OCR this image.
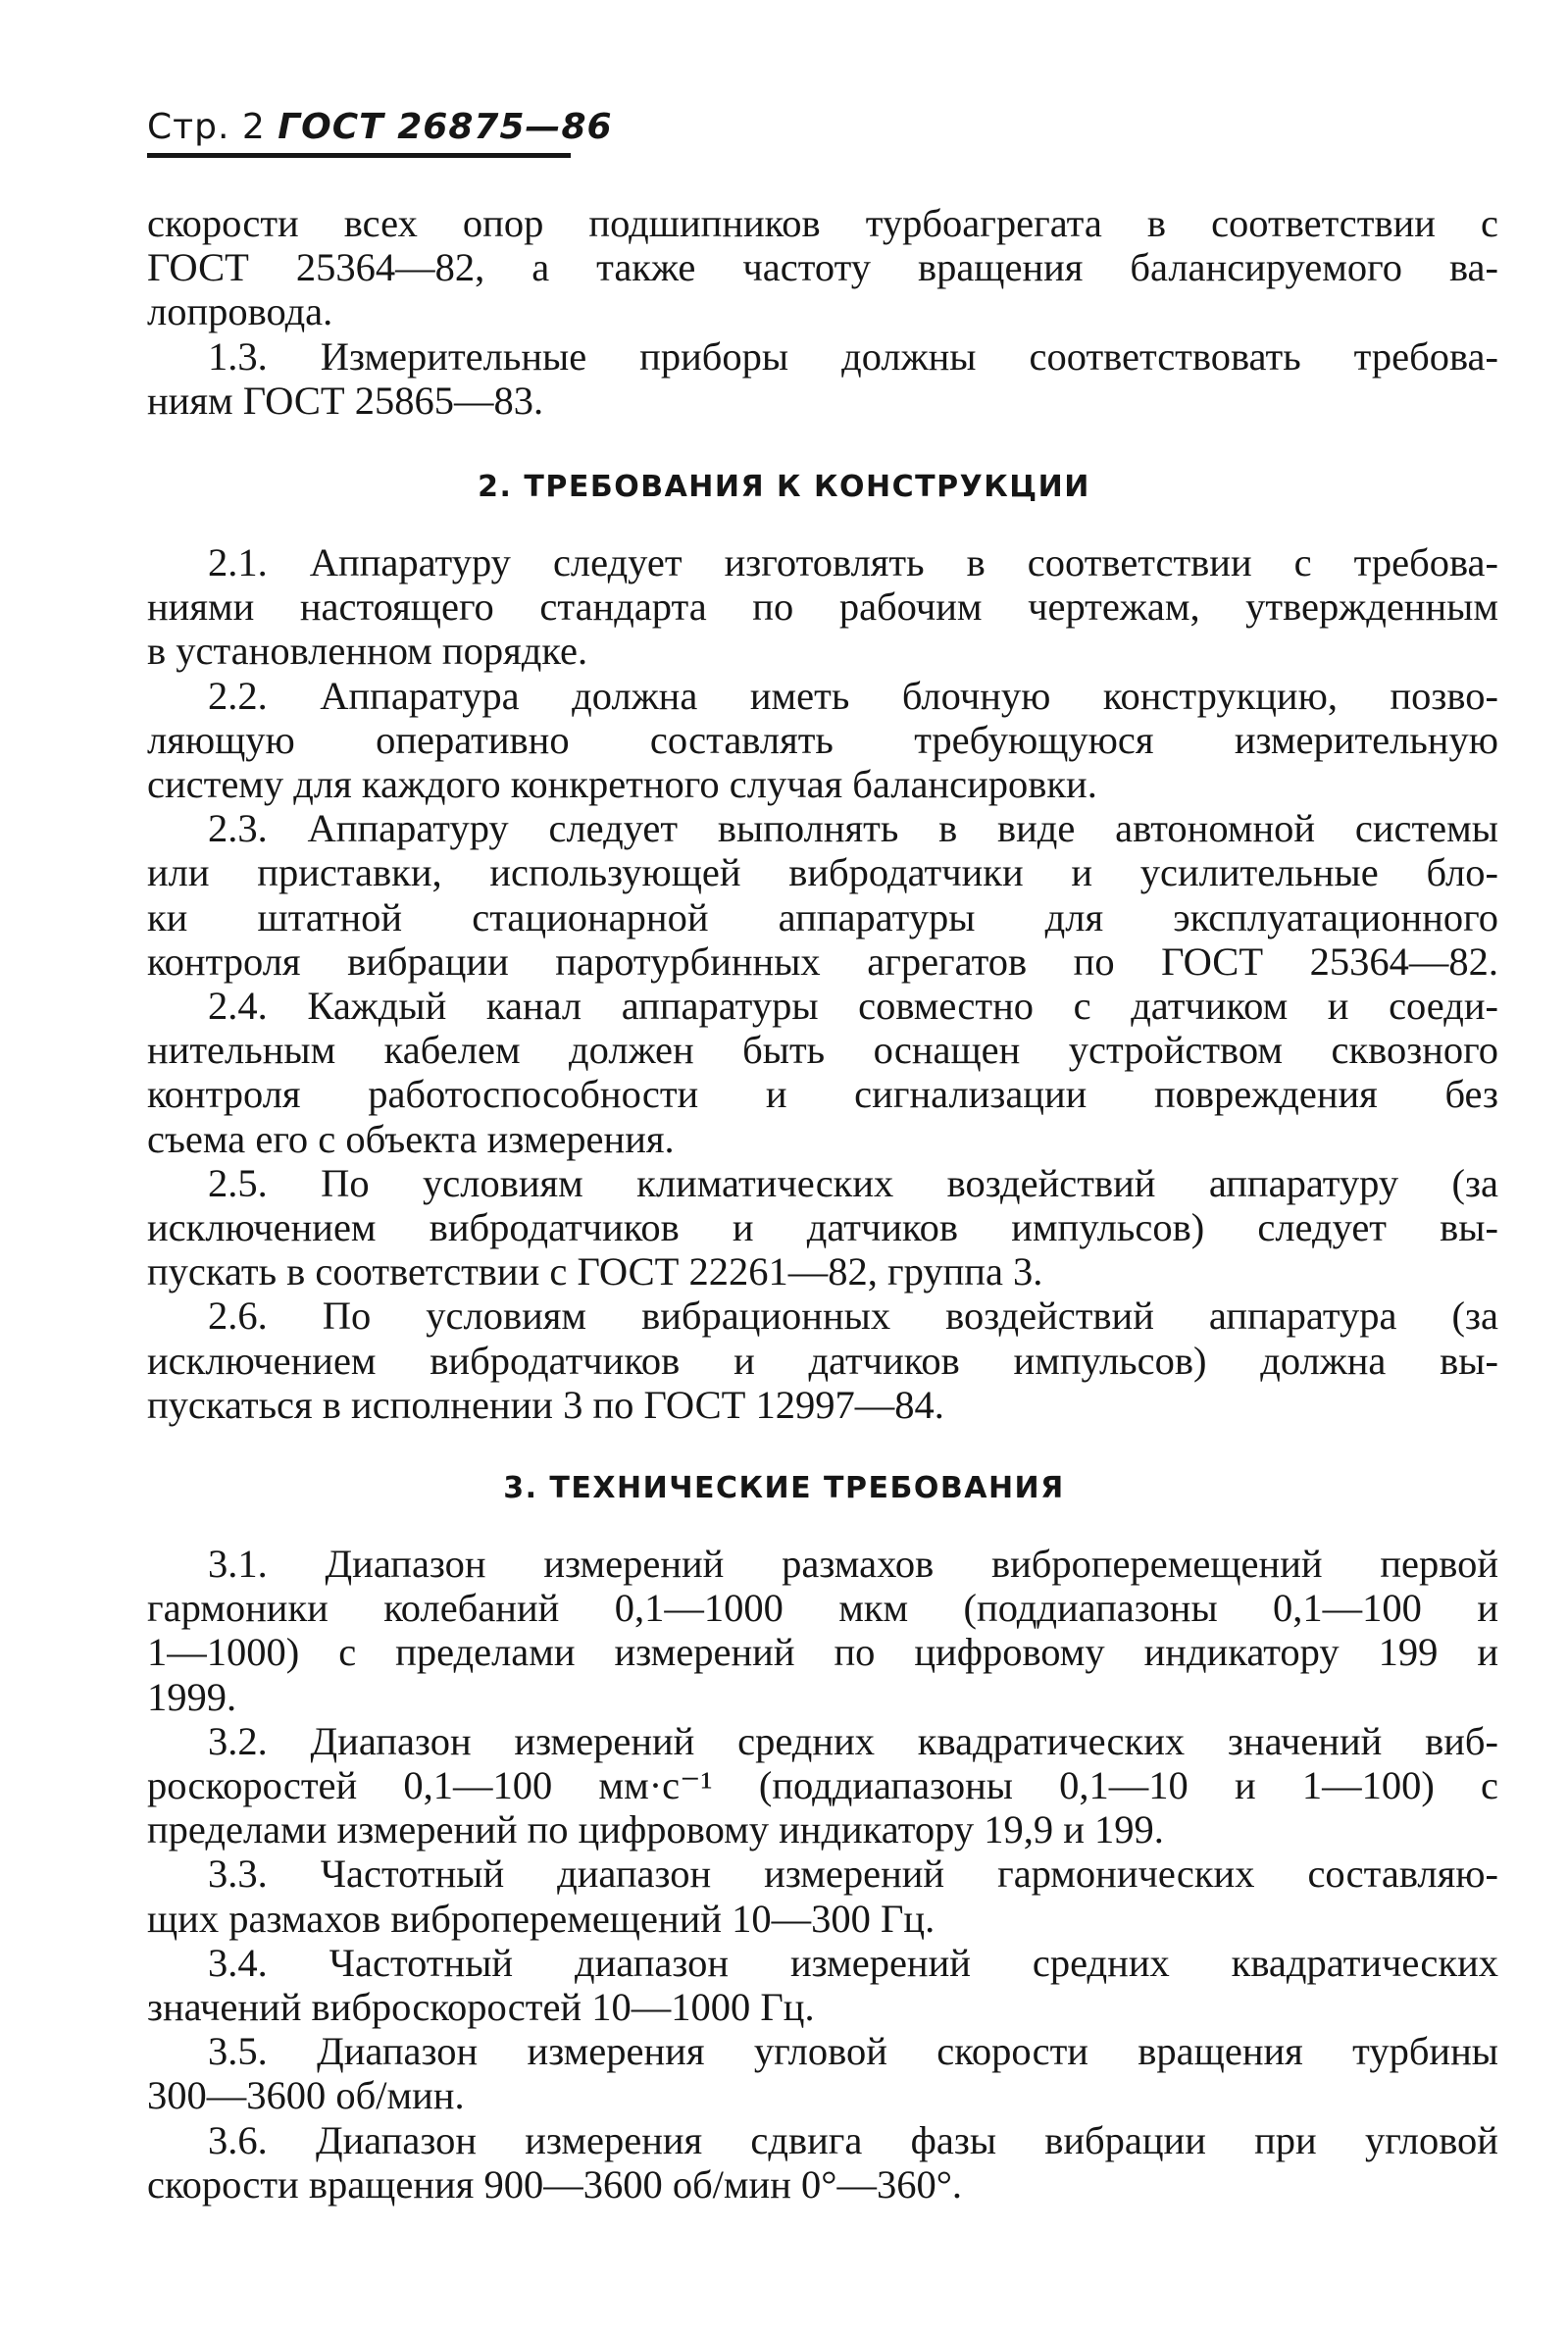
Стр. 2 ГОСТ 26875—86
скорости всех опор подшипников турбоагрегата в соответствии с
ГОСТ 25364—82, а также частоту вращения балансируемого ва-
лопровода.
1.3. Измерительные приборы должны соответствовать требова-
ниям ГОСТ 25865—83.
2. ТРЕБОВАНИЯ К КОНСТРУКЦИИ
2.1. Аппаратуру следует изготовлять в соответствии с требова-
ниями настоящего стандарта по рабочим чертежам, утвержденным
в установленном порядке.
2.2. Аппаратура должна иметь блочную конструкцию, позво-
ляющую оперативно составлять требующуюся измерительную
систему для каждого конкретного случая балансировки.
2.3. Аппаратуру следует выполнять в виде автономной системы
или приставки, использующей вибродатчики и усилительные бло-
ки штатной стационарной аппаратуры для эксплуатационного
контроля вибрации паротурбинных агрегатов по ГОСТ 25364—82.
2.4. Каждый канал аппаратуры совместно с датчиком и соеди-
нительным кабелем должен быть оснащен устройством сквозного
контроля работоспособности и сигнализации повреждения без
съема его с объекта измерения.
2.5. По условиям климатических воздействий аппаратуру (за
исключением вибродатчиков и датчиков импульсов) следует вы-
пускать в соответствии с ГОСТ 22261—82, группа 3.
2.6. По условиям вибрационных воздействий аппаратура (за
исключением вибродатчиков и датчиков импульсов) должна вы-
пускаться в исполнении 3 по ГОСТ 12997—84.
3. ТЕХНИЧЕСКИЕ ТРЕБОВАНИЯ
3.1. Диапазон измерений размахов виброперемещений первой
гармоники колебаний 0,1—1000 мкм (поддиапазоны 0,1—100 и
1—1000) с пределами измерений по цифровому индикатору 199 и
1999.
3.2. Диапазон измерений средних квадратических значений виб-
роскоростей 0,1—100 мм·с⁻¹ (поддиапазоны 0,1—10 и 1—100) с
пределами измерений по цифровому индикатору 19,9 и 199.
3.3. Частотный диапазон измерений гармонических составляю-
щих размахов виброперемещений 10—300 Гц.
3.4. Частотный диапазон измерений средних квадратических
значений виброскоростей 10—1000 Гц.
3.5. Диапазон измерения угловой скорости вращения турбины
300—3600 об/мин.
3.6. Диапазон измерения сдвига фазы вибрации при угловой
скорости вращения 900—3600 об/мин 0°—360°.
